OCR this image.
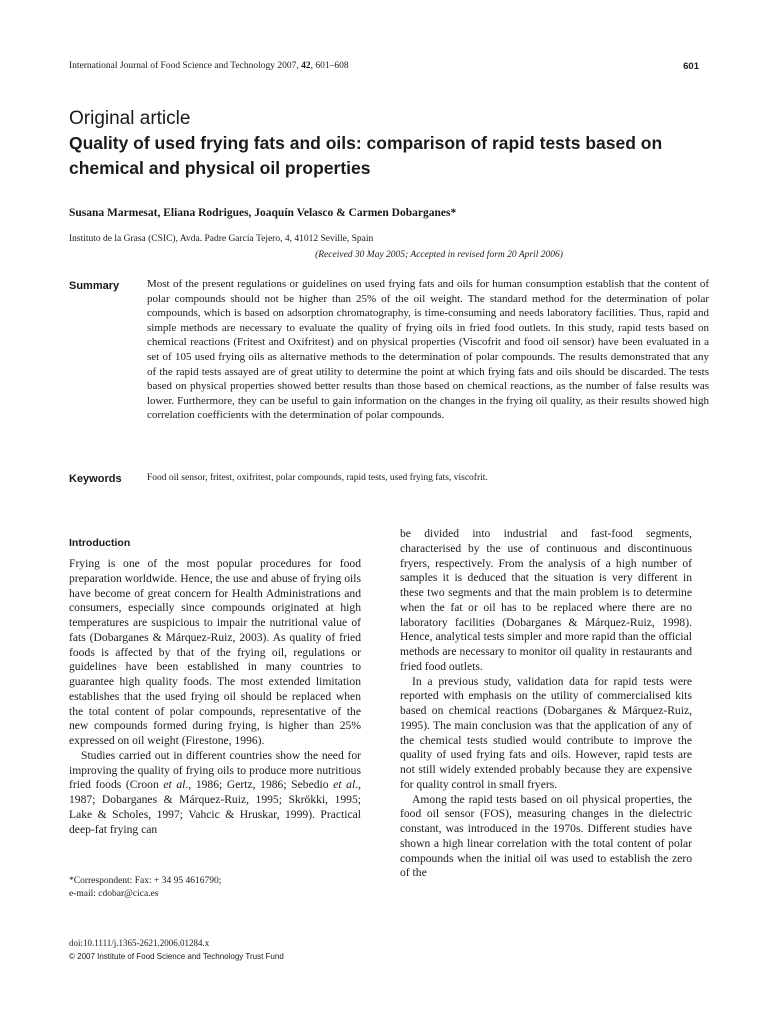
International Journal of Food Science and Technology 2007, 42, 601–608	601
Original article
Quality of used frying fats and oils: comparison of rapid tests based on chemical and physical oil properties
Susana Marmesat, Eliana Rodrigues, Joaquín Velasco & Carmen Dobarganes*
Instituto de la Grasa (CSIC), Avda. Padre García Tejero, 4, 41012 Seville, Spain
(Received 30 May 2005; Accepted in revised form 20 April 2006)
Summary	Most of the present regulations or guidelines on used frying fats and oils for human consumption establish that the content of polar compounds should not be higher than 25% of the oil weight. The standard method for the determination of polar compounds, which is based on adsorption chromatography, is time-consuming and needs laboratory facilities. Thus, rapid and simple methods are necessary to evaluate the quality of frying oils in fried food outlets. In this study, rapid tests based on chemical reactions (Fritest and Oxifritest) and on physical properties (Viscofrit and food oil sensor) have been evaluated in a set of 105 used frying oils as alternative methods to the determination of polar compounds. The results demonstrated that any of the rapid tests assayed are of great utility to determine the point at which frying fats and oils should be discarded. The tests based on physical properties showed better results than those based on chemical reactions, as the number of false results was lower. Furthermore, they can be useful to gain information on the changes in the frying oil quality, as their results showed high correlation coefficients with the determination of polar compounds.
Keywords	Food oil sensor, fritest, oxifritest, polar compounds, rapid tests, used frying fats, viscofrit.
Introduction

Frying is one of the most popular procedures for food preparation worldwide. Hence, the use and abuse of frying oils have become of great concern for Health Administrations and consumers, especially since compounds originated at high temperatures are suspicious to impair the nutritional value of fats (Dobarganes & Márquez-Ruiz, 2003). As quality of fried foods is affected by that of the frying oil, regulations or guidelines have been established in many countries to guarantee high quality foods. The most extended limitation establishes that the used frying oil should be replaced when the total content of polar compounds, representative of the new compounds formed during frying, is higher than 25% expressed on oil weight (Firestone, 1996).

Studies carried out in different countries show the need for improving the quality of frying oils to produce more nutritious fried foods (Croon et al., 1986; Gertz, 1986; Sebedio et al., 1987; Dobarganes & Márquez-Ruiz, 1995; Skrökki, 1995; Lake & Scholes, 1997; Vahcic & Hruskar, 1999). Practical deep-fat frying can

be divided into industrial and fast-food segments, characterised by the use of continuous and discontinuous fryers, respectively. From the analysis of a high number of samples it is deduced that the situation is very different in these two segments and that the main problem is to determine when the fat or oil has to be replaced where there are no laboratory facilities (Dobarganes & Márquez-Ruiz, 1998). Hence, analytical tests simpler and more rapid than the official methods are necessary to monitor oil quality in restaurants and fried food outlets.

In a previous study, validation data for rapid tests were reported with emphasis on the utility of commercialised kits based on chemical reactions (Dobarganes & Márquez-Ruiz, 1995). The main conclusion was that the application of any of the chemical tests studied would contribute to improve the quality of used frying fats and oils. However, rapid tests are not still widely extended probably because they are expensive for quality control in small fryers.

Among the rapid tests based on oil physical properties, the food oil sensor (FOS), measuring changes in the dielectric constant, was introduced in the 1970s. Different studies have shown a high linear correlation with the total content of polar compounds when the initial oil was used to establish the zero of the

*Correspondent: Fax: + 34 95 4616790;
e-mail: cdobar@cica.es
doi:10.1111/j.1365-2621.2006.01284.x
© 2007 Institute of Food Science and Technology Trust Fund
